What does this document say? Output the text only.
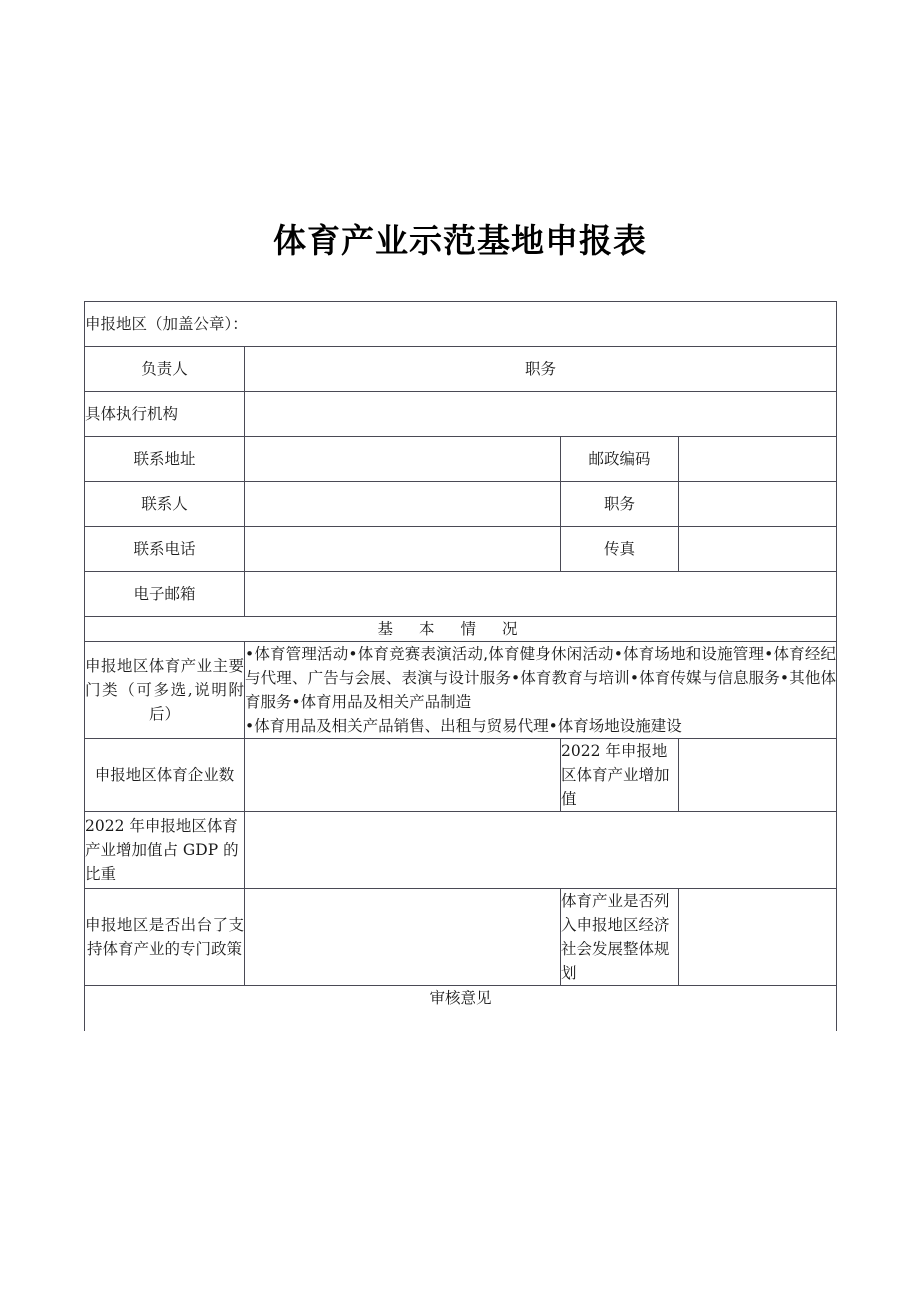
体育产业示范基地申报表
申报地区（加盖公章）：			
负责人	职务		

具体执行机构			
联系地址		邮政编码	
联系人		职务	
联系电话		传真	
电子邮箱			
基本情况			
申报地区体育产业主要门类（可多选,说明附后）	•体育管理活动•体育竞赛表演活动,体育健身休闲活动•体育场地和设施管理•体育经纪与代理、广告与会展、表演与设计服务•体育教育与培训•体育传媒与信息服务•其他体育服务•体育用品及相关产品制造
•体育用品及相关产品销售、出租与贸易代理•体育场地设施建设		

申报地区体育企业数		2022 年申报地区体育产业增加值	
2022 年申报地区体育产业增加值占 GDP 的比重			
申报地区是否出台了支持体育产业的专门政策		体育产业是否列入申报地区经济社会发展整体规划	
审核意见			
